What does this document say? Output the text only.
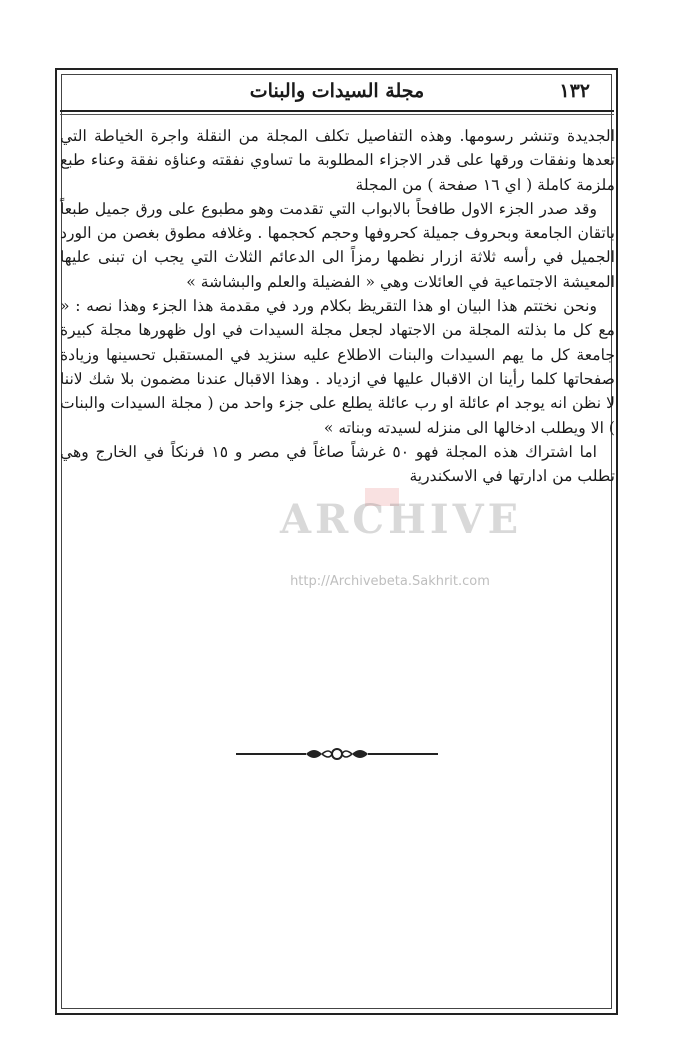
١٣٢
مجلة السيدات والبنات

الجديدة وتنشر رسومها. وهذه التفاصيل تكلف المجلة من النقلة واجرة الخياطة التي تعدها ونفقات ورقها على قدر الاجزاء المطلوبة ما تساوي نفقته وعناؤه نفقة وعناء طبع ملزمة كاملة ( اي ١٦ صفحة ) من المجلة

وقد صدر الجزء الاول طافحاً بالابواب التي تقدمت وهو مطبوع على ورق جميل طبعاً باتقان الجامعة وبحروف جميلة كحروفها وحجم كحجمها . وغلافه مطوق بغصن من الورد الجميل في رأسه ثلاثة ازرار نظمها رمزاً الى الدعائم الثلاث التي يجب ان تبنى عليها المعيشة الاجتماعية في العائلات وهي « الفضيلة والعلم والبشاشة »

ونحن نختتم هذا البيان او هذا التقريظ بكلام ورد في مقدمة هذا الجزء وهذا نصه : « مع كل ما بذلته المجلة من الاجتهاد لجعل مجلة السيدات في اول ظهورها مجلة كبيرة جامعة كل ما يهم السيدات والبنات الاطلاع عليه سنزيد في المستقبل تحسينها وزيادة صفحاتها كلما رأينا ان الاقبال عليها في ازدياد . وهذا الاقبال عندنا مضمون بلا شك لاننا لا نظن انه يوجد ام عائلة او رب عائلة يطلع على جزء واحد من ( مجلة السيدات والبنات ) الا ويطلب ادخالها الى منزله لسيدته وبناته »

اما اشتراك هذه المجلة فهو ٥٠ غرشاً صاغاً في مصر و ١٥ فرنكاً في الخارج وهي تطلب من ادارتها في الاسكندرية

ARCHIVE
http://Archivebeta.Sakhrit.com
